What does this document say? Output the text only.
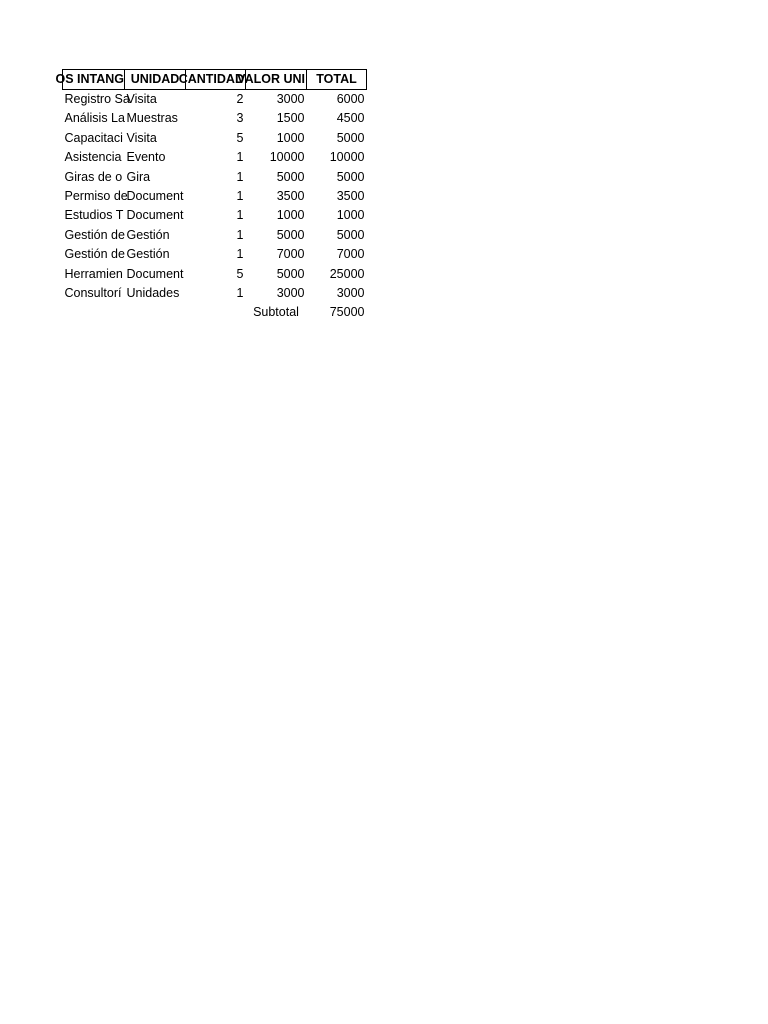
OS INTANG	UNIDAD	CANTIDAD	VALOR UNI	TOTAL
Registro Sa	Visita	2	3000	6000
Análisis La	Muestras	3	1500	4500
Capacitaci	Visita	5	1000	5000
Asistencia	Evento	1	10000	10000
Giras de o	Gira	1	5000	5000
Permiso de	Document	1	3500	3500
Estudios T	Document	1	1000	1000
Gestión de	Gestión	1	5000	5000
Gestión de	Gestión	1	7000	7000
Herramien	Document	5	5000	25000
Consultorí	Unidades	1	3000	3000
			Subtotal	75000
